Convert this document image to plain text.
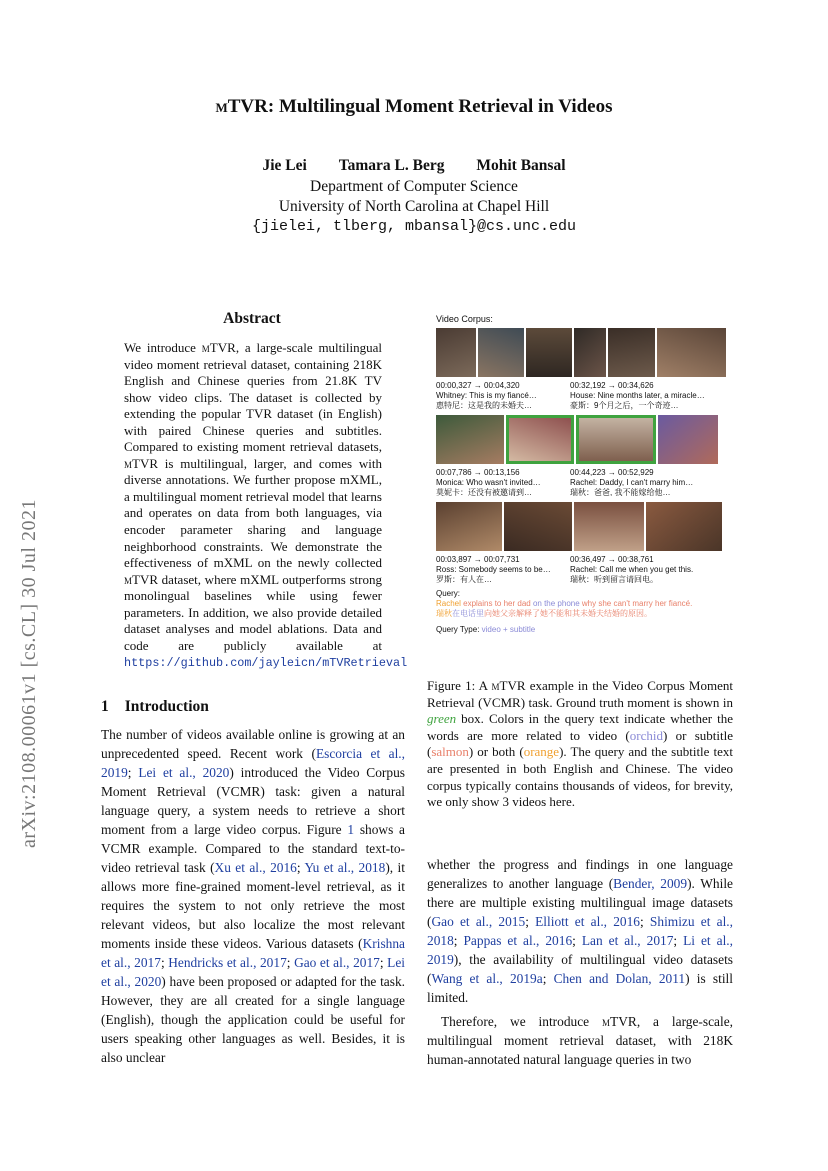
mTVR: Multilingual Moment Retrieval in Videos
Jie Lei Tamara L. Berg Mohit Bansal
Department of Computer Science
University of North Carolina at Chapel Hill
{jielei, tlberg, mbansal}@cs.unc.edu
arXiv:2108.00061v1 [cs.CL] 30 Jul 2021
Abstract
We introduce mTVR, a large-scale multilingual video moment retrieval dataset, containing 218K English and Chinese queries from 21.8K TV show video clips. The dataset is collected by extending the popular TVR dataset (in English) with paired Chinese queries and subtitles. Compared to existing moment retrieval datasets, mTVR is multilingual, larger, and comes with diverse annotations. We further propose mXML, a multilingual moment retrieval model that learns and operates on data from both languages, via encoder parameter sharing and language neighborhood constraints. We demonstrate the effectiveness of mXML on the newly collected mTVR dataset, where mXML outperforms strong monolingual baselines while using fewer parameters. In addition, we also provide detailed dataset analyses and model ablations. Data and code are publicly available at https://github.com/jayleicn/mTVRetrieval
1 Introduction
The number of videos available online is growing at an unprecedented speed. Recent work (Escorcia et al., 2019; Lei et al., 2020) introduced the Video Corpus Moment Retrieval (VCMR) task: given a natural language query, a system needs to retrieve a short moment from a large video corpus. Figure 1 shows a VCMR example. Compared to the standard text-to-video retrieval task (Xu et al., 2016; Yu et al., 2018), it allows more fine-grained moment-level retrieval, as it requires the system to not only retrieve the most relevant videos, but also localize the most relevant moments inside these videos. Various datasets (Krishna et al., 2017; Hendricks et al., 2017; Gao et al., 2017; Lei et al., 2020) have been proposed or adapted for the task. However, they are all created for a single language (English), though the application could be useful for users speaking other languages as well. Besides, it is also unclear
Video Corpus:
00:00,327 → 00:04,320
Whitney: This is my fiancé…
惠特尼：这是我的未婚夫…
00:32,192 → 00:34,626
House: Nine months later, a miracle…
豪斯：9个月之后，一个奇迹…
00:07,786 → 00:13,156
Monica: Who wasn't invited…
莫妮卡：还没有被邀请到…
00:44,223 → 00:52,929
Rachel: Daddy, I can't marry him…
瑞秋：爸爸, 我不能嫁给他…
00:03,897 → 00:07,731
Ross: Somebody seems to be…
罗斯：有人在…
00:36,497 → 00:38,761
Rachel: Call me when you get this.
瑞秋：听到留言请回电。
Query:
Rachel explains to her dad on the phone why she can't marry her fiancé.
瑞秋在电话里向她父亲解释了她不能和其未婚夫结婚的原因。
Query Type: video + subtitle
Figure 1: A mTVR example in the Video Corpus Moment Retrieval (VCMR) task. Ground truth moment is shown in green box. Colors in the query text indicate whether the words are more related to video (orchid) or subtitle (salmon) or both (orange). The query and the subtitle text are presented in both English and Chinese. The video corpus typically contains thousands of videos, for brevity, we only show 3 videos here.

whether the progress and findings in one language generalizes to another language (Bender, 2009). While there are multiple existing multilingual image datasets (Gao et al., 2015; Elliott et al., 2016; Shimizu et al., 2018; Pappas et al., 2016; Lan et al., 2017; Li et al., 2019), the availability of multilingual video datasets (Wang et al., 2019a; Chen and Dolan, 2011) is still limited.

Therefore, we introduce mTVR, a large-scale, multilingual moment retrieval dataset, with 218K human-annotated natural language queries in two
